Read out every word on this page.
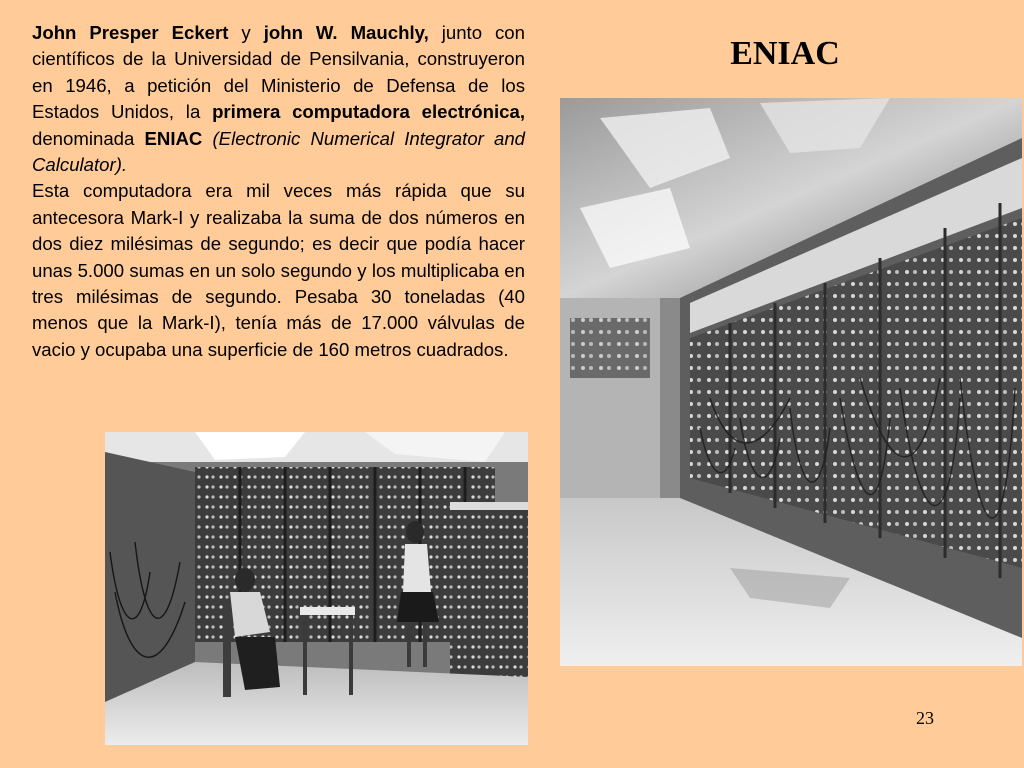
ENIAC

John Presper Eckert y john W. Mauchly, junto con científicos de la Universidad de Pensilvania, construyeron en 1946, a petición del Ministerio de Defensa de los Estados Unidos, la primera computadora electrónica, denominada ENIAC (Electronic Numerical Integrator and Calculator).

Esta computadora era mil veces más rápida que su antecesora Mark-I y realizaba la suma de dos números en dos diez milésimas de segundo; es decir que podía hacer unas 5.000 sumas en un solo segundo y los multiplicaba en tres milésimas de segundo. Pesaba 30 toneladas (40 menos que la Mark-I), tenía más de 17.000 válvulas de vacio y ocupaba una superficie de 160 metros cuadrados.

23
